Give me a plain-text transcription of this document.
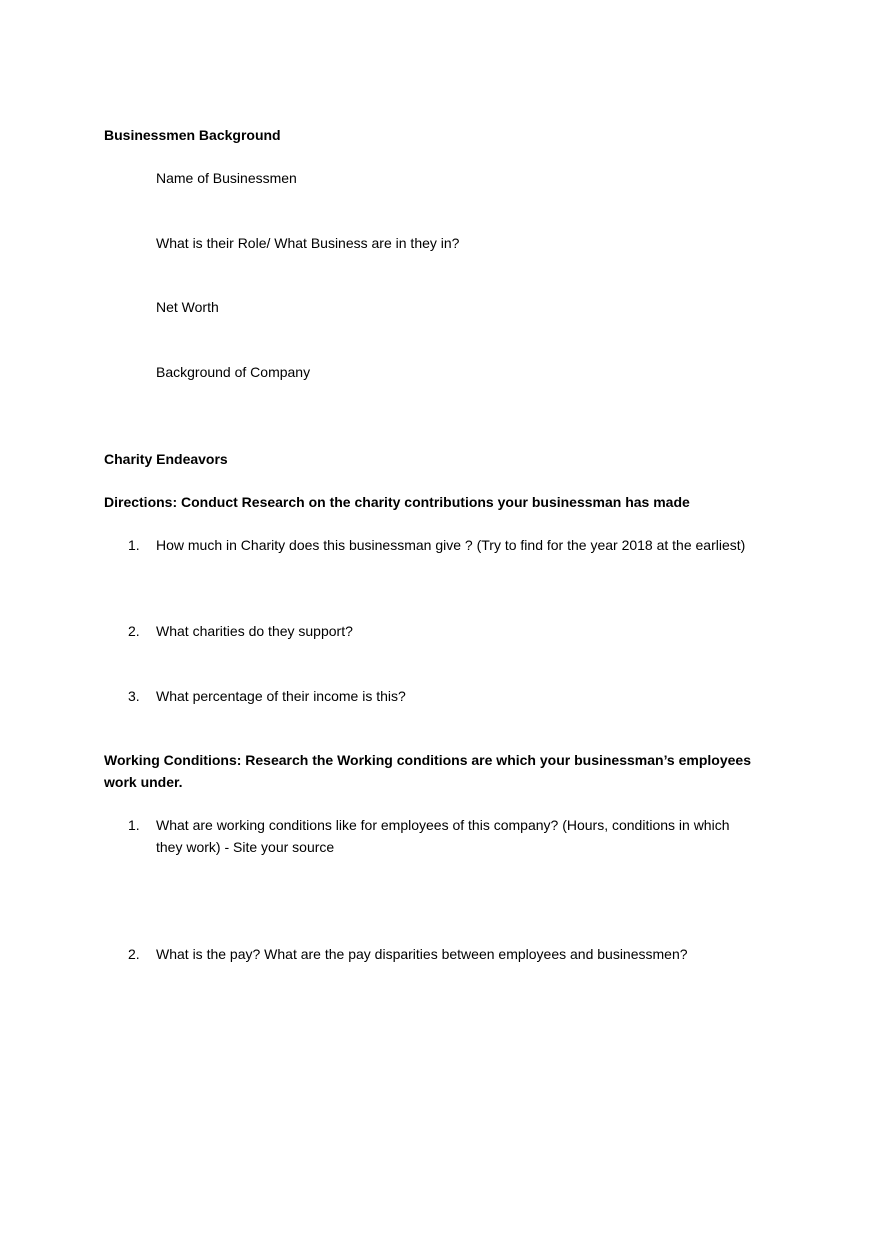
Businessmen Background

Name of Businessmen

What is their Role/ What Business are in they in?

Net Worth

Background of Company

Charity Endeavors

Directions: Conduct Research on the charity contributions your businessman has made

1.	How much in Charity does this businessman give ? (Try to find for the year 2018 at the earliest)
2.	What charities do they support?
3.	What percentage of their income is this?

Working Conditions: Research the Working conditions are which your businessman’s employees work under.

1.	What are working conditions like for employees of this company? (Hours, conditions in which they work) - Site your source
2.	What is the pay? What are the pay disparities between employees and businessmen?
